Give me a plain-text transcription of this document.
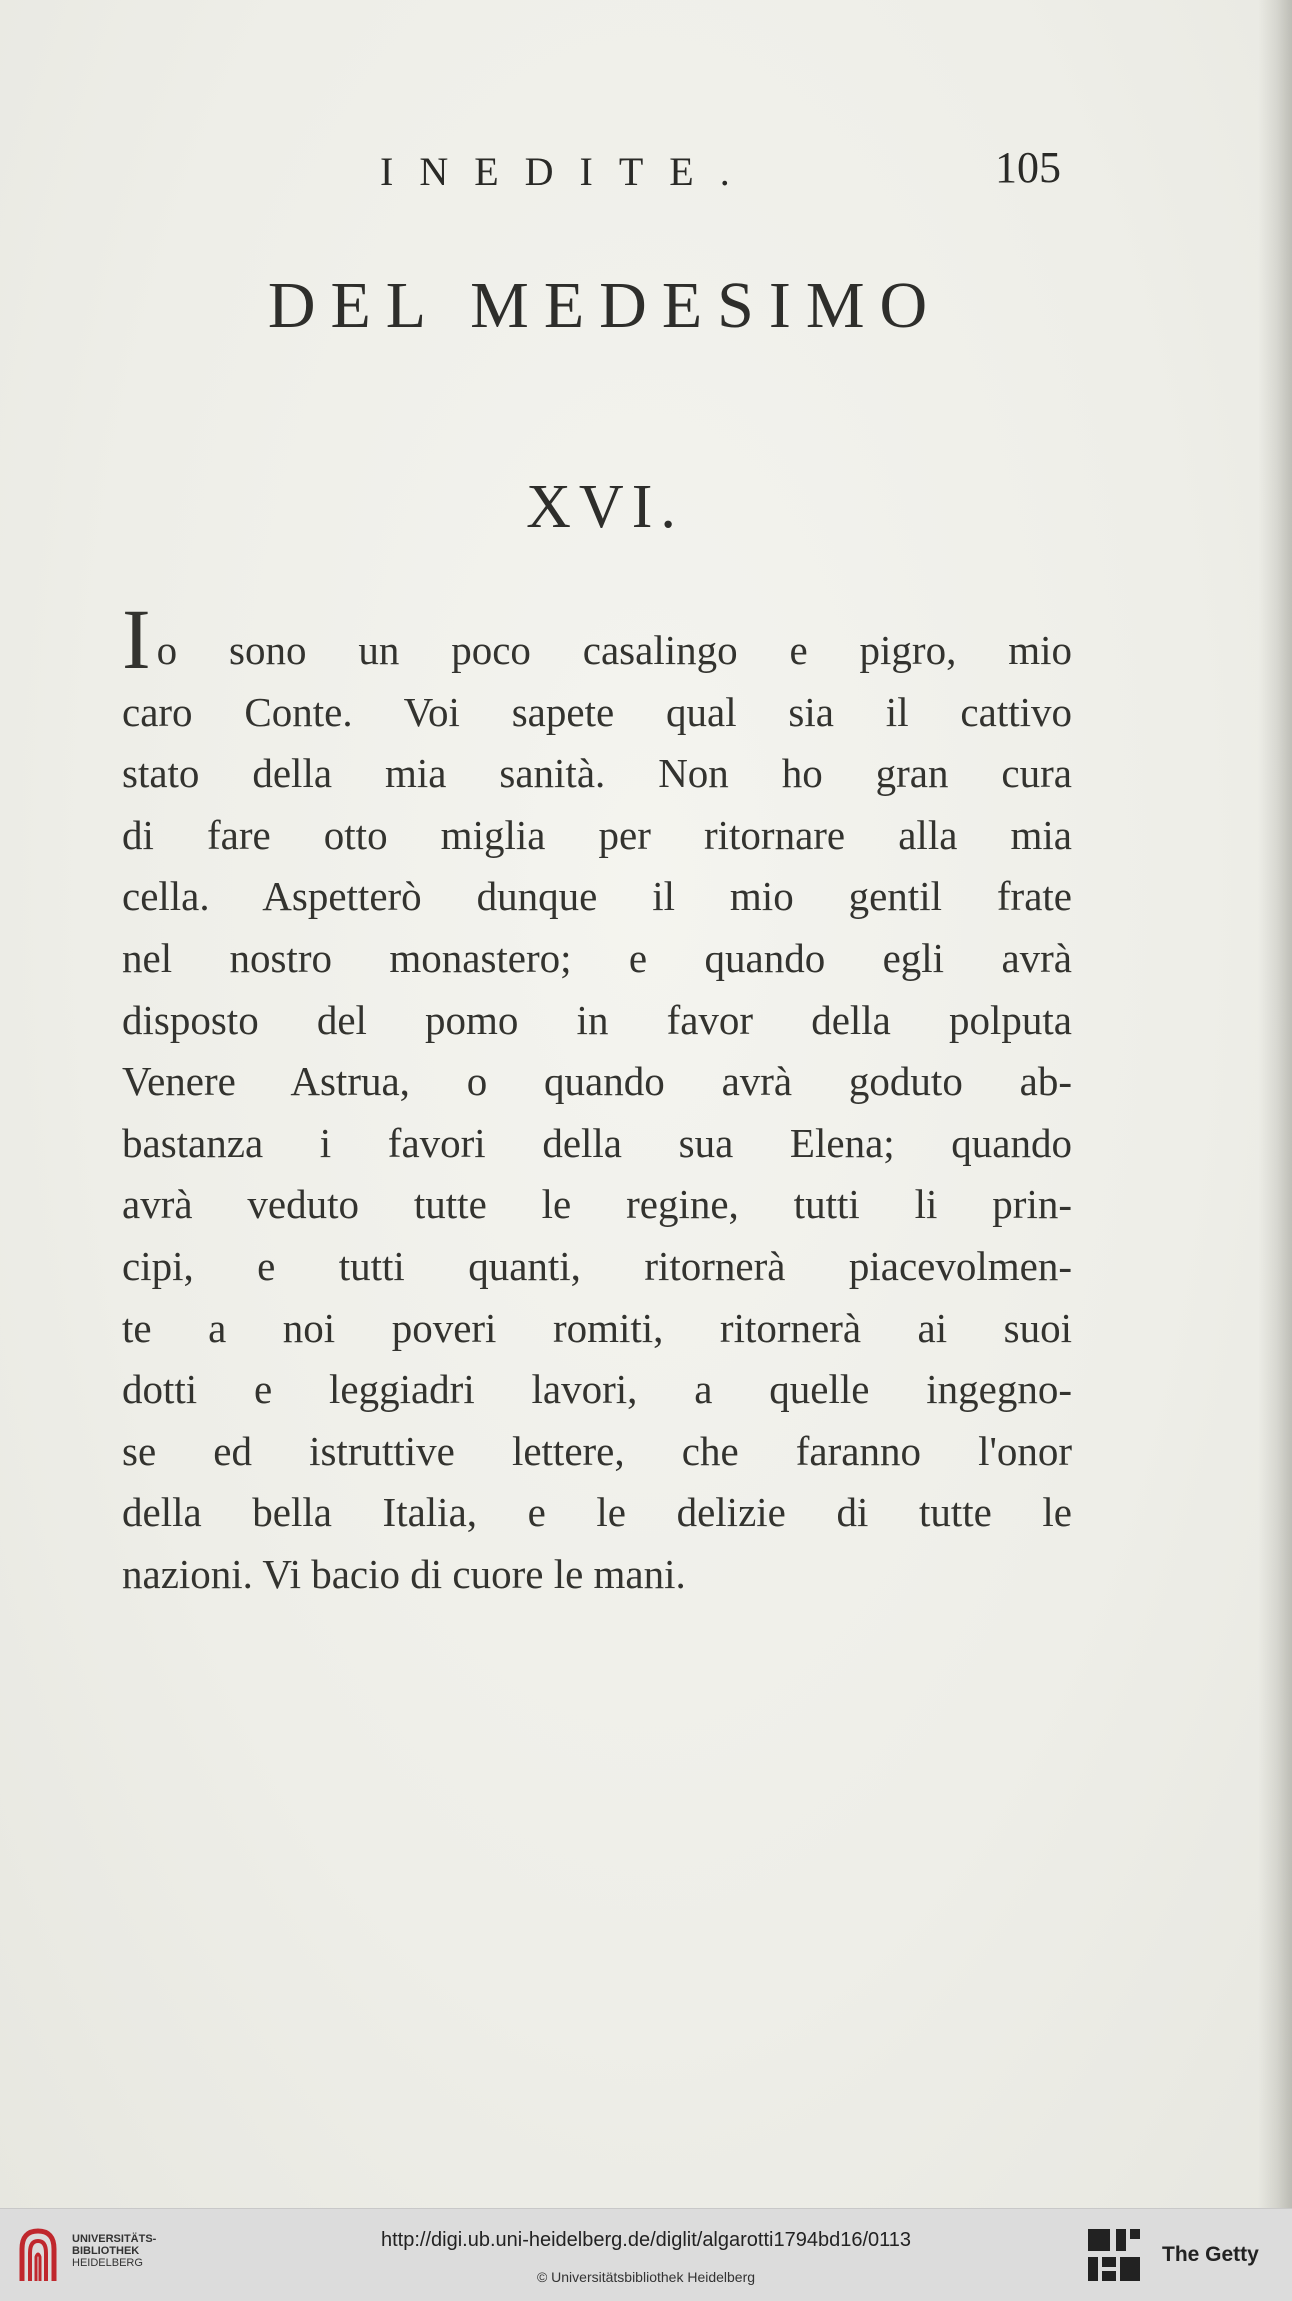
INEDITE.	105
DEL MEDESIMO
XVI.
Io sono un poco casalingo e pigro, mio
caro Conte. Voi sapete qual sia il cattivo
stato della mia sanità. Non ho gran cura
di fare otto miglia per ritornare alla mia
cella. Aspetterò dunque il mio gentil frate
nel nostro monastero; e quando egli avrà
disposto del pomo in favor della polputa
Venere Astrua, o quando avrà goduto ab-
bastanza i favori della sua Elena; quando
avrà veduto tutte le regine, tutti li prin-
cipi, e tutti quanti, ritornerà piacevolmen-
te a noi poveri romiti, ritornerà ai suoi
dotti e leggiadri lavori, a quelle ingegno-
se ed istruttive lettere, che faranno l'onor
della bella Italia, e le delizie di tutte le
nazioni. Vi bacio di cuore le mani.
UNIVERSITÄTS-
BIBLIOTHEK
HEIDELBERG
http://digi.ub.uni-heidelberg.de/diglit/algarotti1794bd16/0113
© Universitätsbibliothek Heidelberg
The Getty
